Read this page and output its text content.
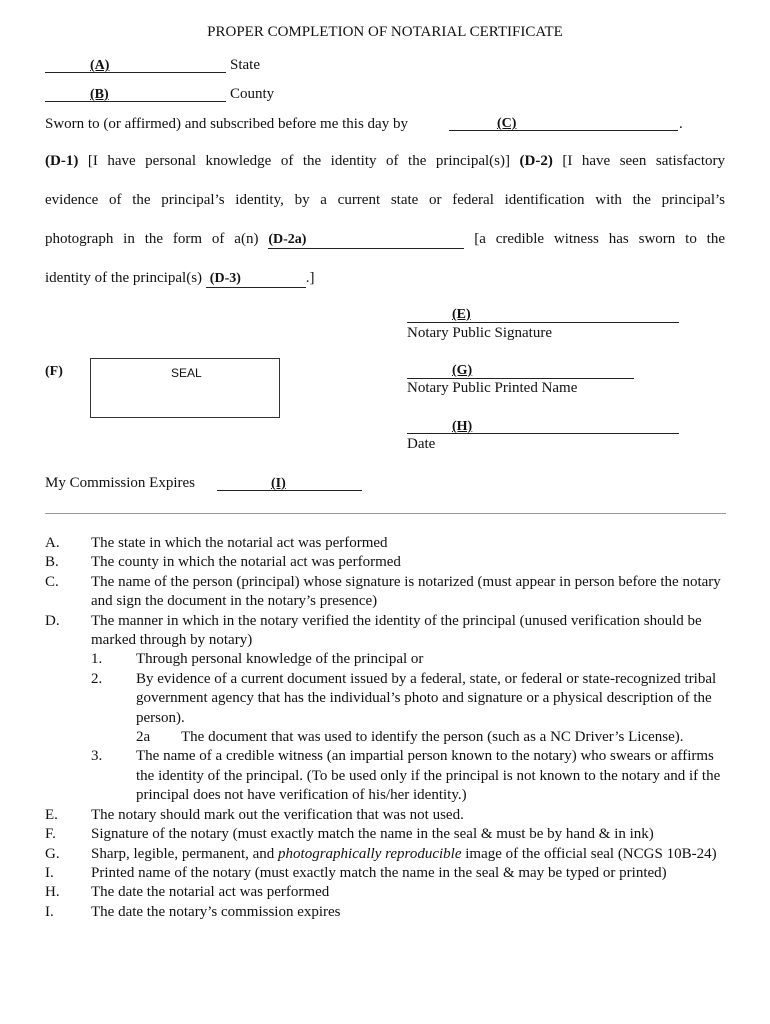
PROPER COMPLETION OF NOTARIAL CERTIFICATE
(A)	State
(B)	County
Sworn to (or affirmed) and subscribed before me this day by	(C)	.
(D-1) [I have personal knowledge of the identity of the principal(s)] (D-2) [I have seen satisfactory
evidence of the principal’s identity, by a current state or federal identification with the principal’s
photograph in the form of a(n) (D-2a)	[a credible witness has sworn to the
identity of the principal(s) (D-3)	.]
(E)
Notary Public Signature
(F)	SEAL	(G)
Notary Public Printed Name
(H)
Date
My Commission Expires	(I)
A.	The state in which the notarial act was performed
B.	The county in which the notarial act was performed
C.	The name of the person (principal) whose signature is notarized (must appear in person before the notary and sign the document in the notary’s presence)
D.	The manner in which in the notary verified the identity of the principal (unused verification should be marked through by notary)
1.	Through personal knowledge of the principal or
2.	By evidence of a current document issued by a federal, state, or federal or state-recognized tribal government agency that has the individual’s photo and signature or a physical description of the person).
2a	The document that was used to identify the person (such as a NC Driver’s License).
3.	The name of a credible witness (an impartial person known to the notary) who swears or affirms the identity of the principal. (To be used only if the principal is not known to the notary and if the principal does not have verification of his/her identity.)
E.	The notary should mark out the verification that was not used.
F.	Signature of the notary (must exactly match the name in the seal & must be by hand & in ink)
G.	Sharp, legible, permanent, and photographically reproducible image of the official seal (NCGS 10B-24)
I.	Printed name of the notary (must exactly match the name in the seal & may be typed or printed)
H.	The date the notarial act was performed
I.	The date the notary’s commission expires
